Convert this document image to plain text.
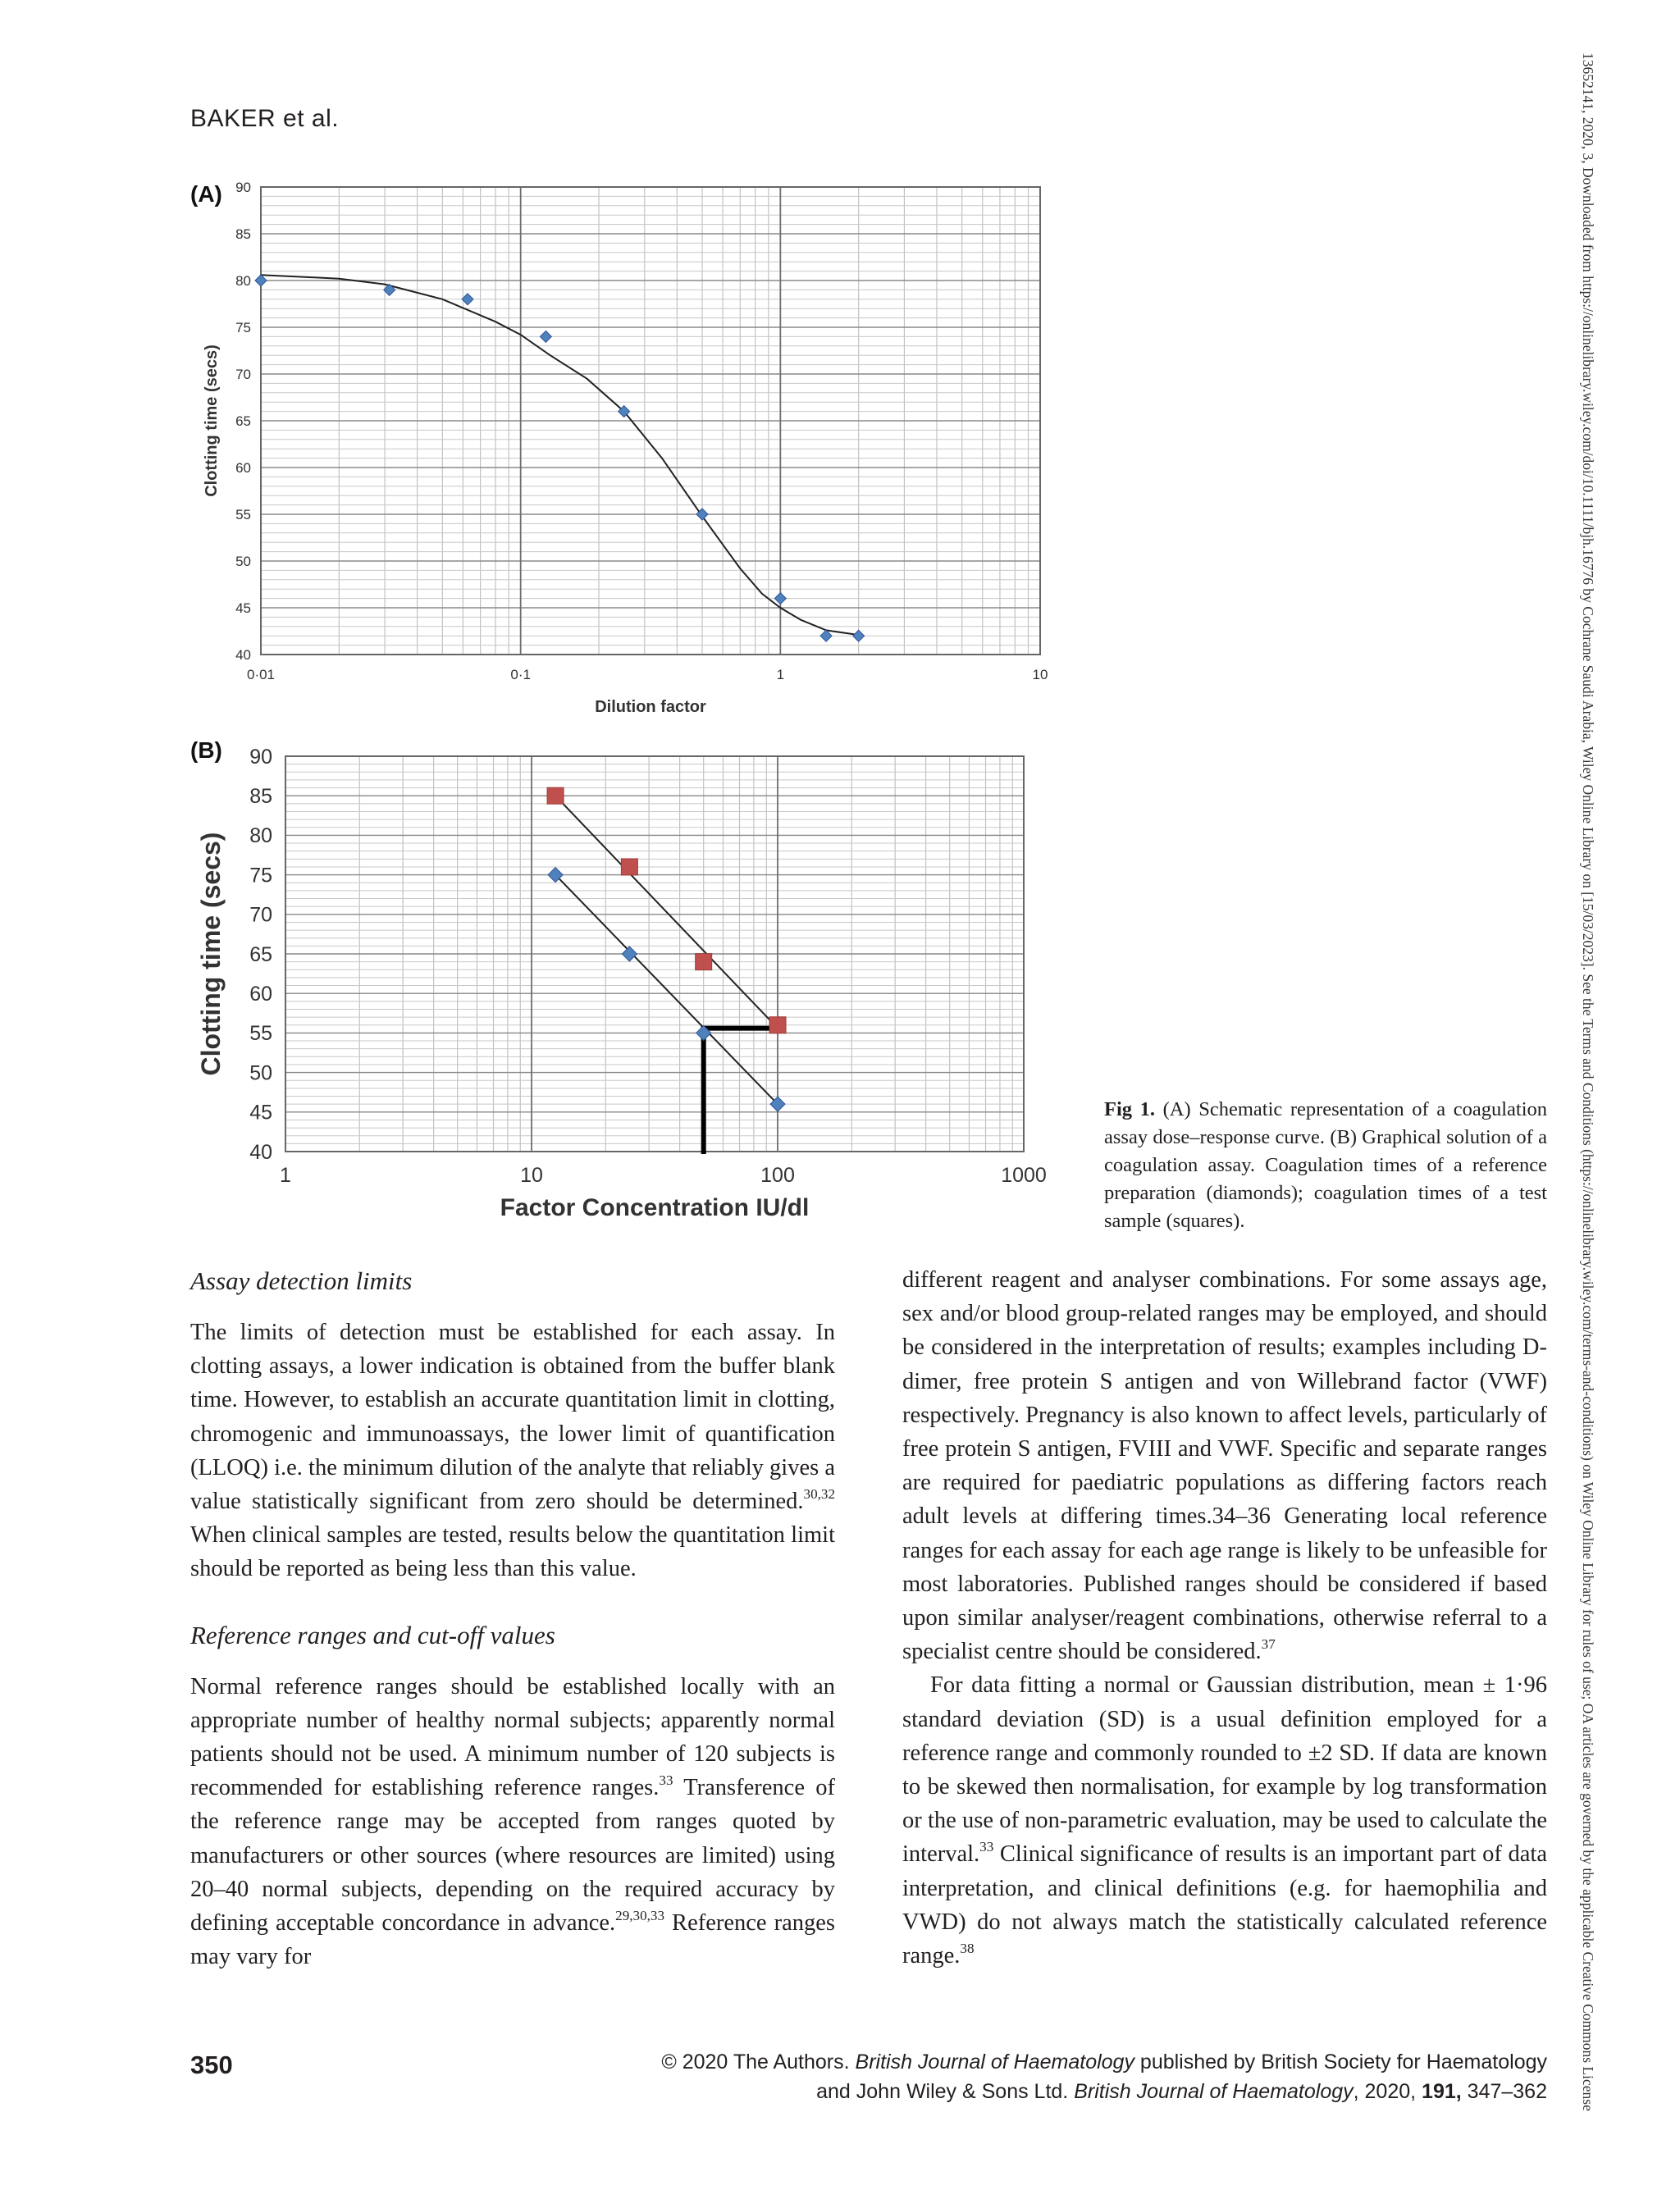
BAKER et al.	13652141, 2020, 3, Downloaded from https://onlinelibrary.wiley.com/doi/10.1111/bjh.16776 by Cochrane Saudi Arabia, Wiley Online Library on [15/03/2023]. See the Terms and Conditions (https://onlinelibrary.wiley.com/terms-and-conditions) on Wiley Online Library for rules of use; OA articles are governed by the applicable Creative Commons License
(A)
40
45
50
55
60
65
70
75
80
85
90
0·01	0·1	1	10
Dilution factor
Clotting time (secs)
(B)
40
45
50
55
60
65
70
75
80
85
90
1	10	100	1000
Factor Concentration IU/dl
Clotting time (secs)
Fig 1. (A) Schematic representation of a coagulation assay dose–response curve. (B) Graphical solution of a coagulation assay. Coagulation times of a reference preparation (diamonds); coagulation times of a test sample (squares).
Assay detection limits

The limits of detection must be established for each assay. In clotting assays, a lower indication is obtained from the buffer blank time. However, to establish an accurate quantitation limit in clotting, chromogenic and immunoassays, the lower limit of quantification (LLOQ) i.e. the minimum dilution of the analyte that reliably gives a value statistically significant from zero should be determined.$^{30,32}$ When clinical samples are tested, results below the quantitation limit should be reported as being less than this value.

Reference ranges and cut-off values

Normal reference ranges should be established locally with an appropriate number of healthy normal subjects; apparently normal patients should not be used. A minimum number of 120 subjects is recommended for establishing reference ranges.$^{33}$ Transference of the reference range may be accepted from ranges quoted by manufacturers or other sources (where resources are limited) using 20–40 normal subjects, depending on the required accuracy by defining acceptable concordance in advance.$^{29,30,33}$ Reference ranges may vary for

different reagent and analyser combinations. For some assays age, sex and/or blood group-related ranges may be employed, and should be considered in the interpretation of results; examples including D-dimer, free protein S antigen and von Willebrand factor (VWF) respectively. Pregnancy is also known to affect levels, particularly of free protein S antigen, FVIII and VWF. Specific and separate ranges are required for paediatric populations as differing factors reach adult levels at differing times.34–36 Generating local reference ranges for each assay for each age range is likely to be unfeasible for most laboratories. Published ranges should be considered if based upon similar analyser/reagent combinations, otherwise referral to a specialist centre should be considered.$^{37}$

For data fitting a normal or Gaussian distribution, mean ± 1·96 standard deviation (SD) is a usual definition employed for a reference range and commonly rounded to ±2 SD. If data are known to be skewed then normalisation, for example by log transformation or the use of non-parametric evaluation, may be used to calculate the interval.$^{33}$ Clinical significance of results is an important part of data interpretation, and clinical definitions (e.g. for haemophilia and VWD) do not always match the statistically calculated reference range.$^{38}$

350	© 2020 The Authors. British Journal of Haematology published by British Society for Haematology
and John Wiley & Sons Ltd. British Journal of Haematology, 2020, 191, 347–362
